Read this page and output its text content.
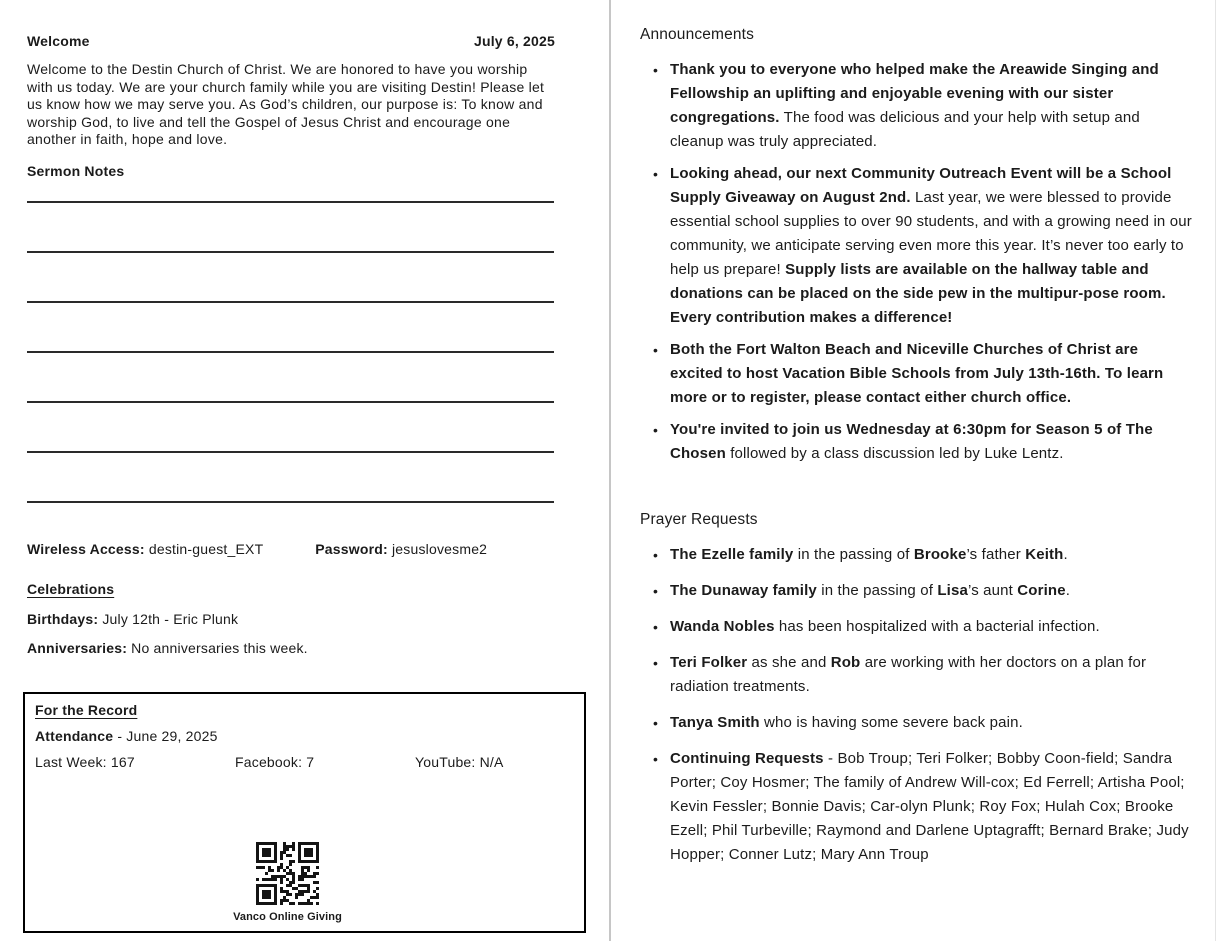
Welcome	July 6, 2025
Welcome to the Destin Church of Christ. We are honored to have you worship with us today. We are your church family while you are visiting Destin! Please let us know how we may serve you. As God’s children, our purpose is: To know and worship God, to live and tell the Gospel of Jesus Christ and encourage one another in faith, hope and love.
Sermon Notes
Wireless Access: destin-guest_EXT	Password: jesuslovesme2
Celebrations
Birthdays: July 12th - Eric Plunk
Anniversaries: No anniversaries this week.
For the Record
Attendance - June 29, 2025
Last Week: 167	Facebook: 7	YouTube: N/A
Vanco Online Giving
Announcements
• Thank you to everyone who helped make the Areawide Singing and Fellowship an uplifting and enjoyable evening with our sister congregations. The food was delicious and your help with setup and cleanup was truly appreciated.
• Looking ahead, our next Community Outreach Event will be a School Supply Giveaway on August 2nd. Last year, we were blessed to provide essential school supplies to over 90 students, and with a growing need in our community, we anticipate serving even more this year. It’s never too early to help us prepare! Supply lists are available on the hallway table and donations can be placed on the side pew in the multipur-pose room. Every contribution makes a difference!
• Both the Fort Walton Beach and Niceville Churches of Christ are excited to host Vacation Bible Schools from July 13th-16th. To learn more or to register, please contact either church office.
• You're invited to join us Wednesday at 6:30pm for Season 5 of The Chosen followed by a class discussion led by Luke Lentz.
Prayer Requests
• The Ezelle family in the passing of Brooke’s father Keith.
• The Dunaway family in the passing of Lisa’s aunt Corine.
• Wanda Nobles has been hospitalized with a bacterial infection.
• Teri Folker as she and Rob are working with her doctors on a plan for radiation treatments.
• Tanya Smith who is having some severe back pain.
• Continuing Requests - Bob Troup; Teri Folker; Bobby Coon-field; Sandra Porter; Coy Hosmer; The family of Andrew Will-cox; Ed Ferrell; Artisha Pool; Kevin Fessler; Bonnie Davis; Car-olyn Plunk; Roy Fox; Hulah Cox; Brooke Ezell; Phil Turbeville; Raymond and Darlene Uptagrafft; Bernard Brake; Judy Hopper; Conner Lutz; Mary Ann Troup
